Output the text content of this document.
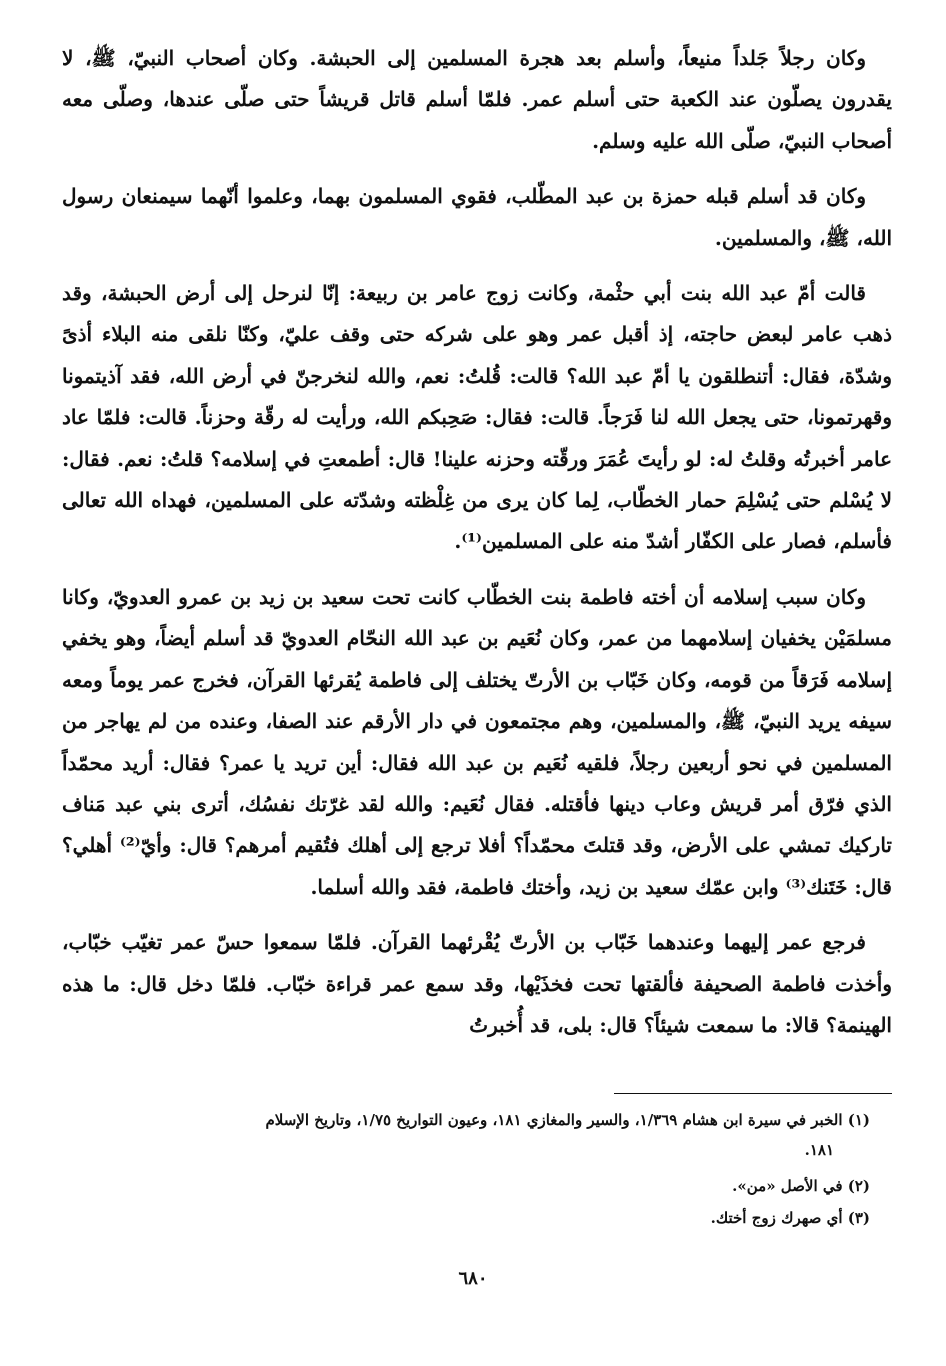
وكان رجلاً جَلداً منيعاً، وأسلم بعد هجرة المسلمين إلى الحبشة. وكان أصحاب النبيّ، ﷺ، لا يقدرون يصلّون عند الكعبة حتى أسلم عمر. فلمّا أسلم قاتل قريشاً حتى صلّى عندها، وصلّى معه أصحاب النبيّ، صلّى الله عليه وسلم.

وكان قد أسلم قبله حمزة بن عبد المطّلب، فقوي المسلمون بهما، وعلموا أنّهما سيمنعان رسول الله، ﷺ، والمسلمين.

قالت أمّ عبد الله بنت أبي حثْمة، وكانت زوج عامر بن ربيعة: إنّا لنرحل إلى أرض الحبشة، وقد ذهب عامر لبعض حاجته، إذ أقبل عمر وهو على شركه حتى وقف عليّ، وكنّا نلقى منه البلاء أذىً وشدّة، فقال: أتنطلقون يا أمّ عبد الله؟ قالت: قُلتُ: نعم، والله لنخرجنّ في أرض الله، فقد آذيتمونا وقهرتمونا، حتى يجعل الله لنا فَرَجاً. قالت: فقال: صَحِبكم الله، ورأيت له رقّة وحزناً. قالت: فلمّا عاد عامر أخبرتُه وقلتُ له: لو رأيتَ عُمَرَ ورقّته وحزنه علينا! قال: أطمعتِ في إسلامه؟ قلتُ: نعم. فقال: لا يُسْلم حتى يُسْلِمَ حمار الخطّاب، لِما كان يرى من غِلْظته وشدّته على المسلمين، فهداه الله تعالى فأسلم، فصار على الكفّار أشدّ منه على المسلمين⁽¹⁾.

وكان سبب إسلامه أن أخته فاطمة بنت الخطّاب كانت تحت سعيد بن زيد بن عمرو العدويّ، وكانا مسلمَيْن يخفيان إسلامهما من عمر، وكان نُعَيم بن عبد الله النحّام العدويّ قد أسلم أيضاً، وهو يخفي إسلامه فَرَقاً من قومه، وكان خَبّاب بن الأرتّ يختلف إلى فاطمة يُقرئها القرآن، فخرج عمر يوماً ومعه سيفه يريد النبيّ، ﷺ، والمسلمين، وهم مجتمعون في دار الأرقم عند الصفا، وعنده من لم يهاجر من المسلمين في نحو أربعين رجلاً، فلقيه نُعَيم بن عبد الله فقال: أين تريد يا عمر؟ فقال: أريد محمّداً الذي فرّق أمر قريش وعاب دينها فأقتله. فقال نُعَيم: والله لقد غرّتك نفسُك، أترى بني عبد مَناف تاركيك تمشي على الأرض، وقد قتلتَ محمّداً؟ أفلا ترجع إلى أهلك فتُقيم أمرهم؟ قال: وأيّ⁽²⁾ أهلي؟ قال: خَتَنك⁽³⁾ وابن عمّك سعيد بن زيد، وأختك فاطمة، فقد والله أسلما.

فرجع عمر إليهما وعندهما خَبّاب بن الأرتّ يُقْرئهما القرآن. فلمّا سمعوا حسّ عمر تغيّب خبّاب، وأخذت فاطمة الصحيفة فألقتها تحت فخذَيْها، وقد سمع عمر قراءة خبّاب. فلمّا دخل قال: ما هذه الهينمة؟ قالا: ما سمعت شيئاً؟ قال: بلى، قد أُخبرتُ

(١) الخبر في سيرة ابن هشام ١/٣٦٩، والسير والمغازي ١٨١، وعيون التواريخ ١/٧٥، وتاريخ الإسلام
١٨١.
(٢) في الأصل «من».
(٣) أي صهرك زوج أختك.
٦٨٠
